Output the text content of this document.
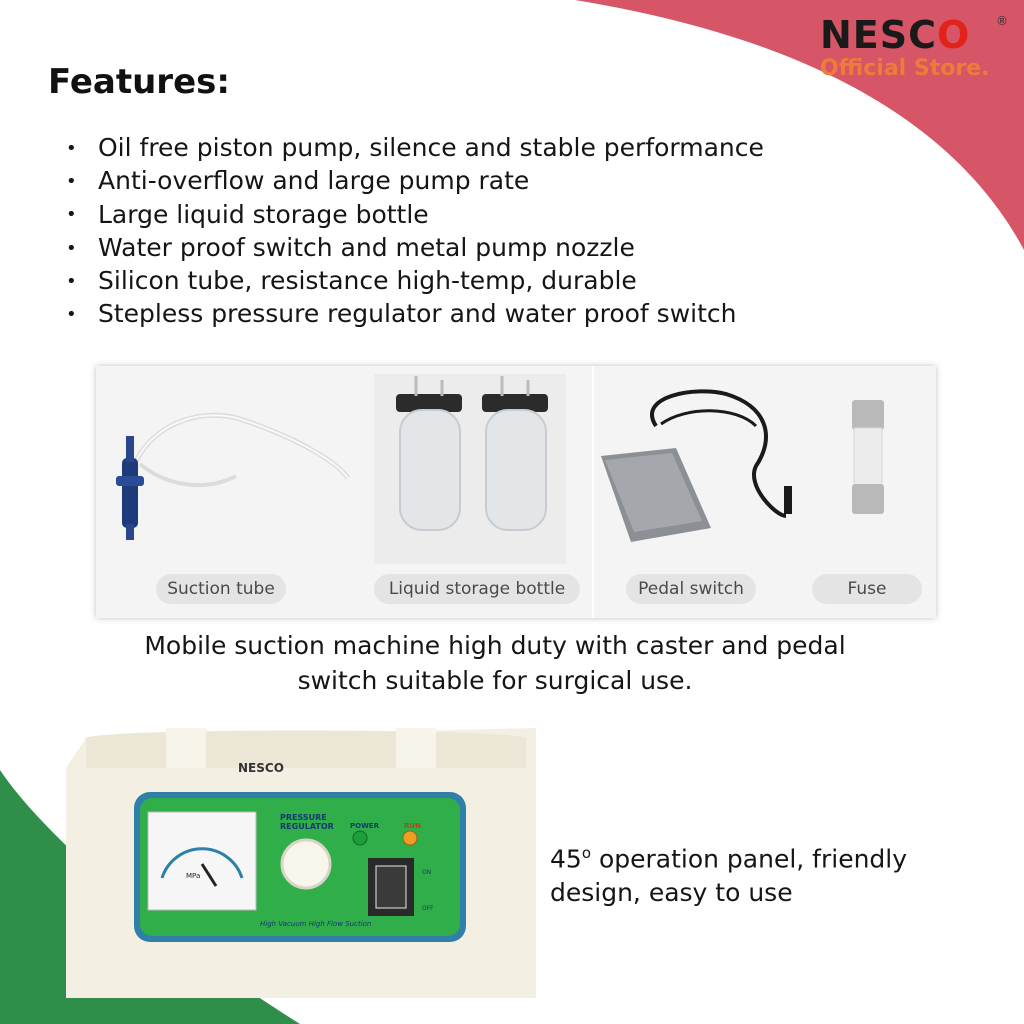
NESCO	®
Official Store.
Features:
• Oil free piston pump, silence and stable performance
• Anti-overflow and large pump rate
• Large liquid storage bottle
• Water proof switch and metal pump nozzle
• Silicon tube, resistance high-temp, durable
• Stepless pressure regulator and water proof switch
Suction tube	Liquid storage bottle	Pedal switch	Fuse
Mobile suction machine high duty with caster and pedal
switch suitable for surgical use.
NESCO
MPa
PRESSURE
REGULATOR POWER	RUN
ON
OFF
High Vacuum High Flow Suction
45$^o$ operation panel, friendly
design, easy to use
